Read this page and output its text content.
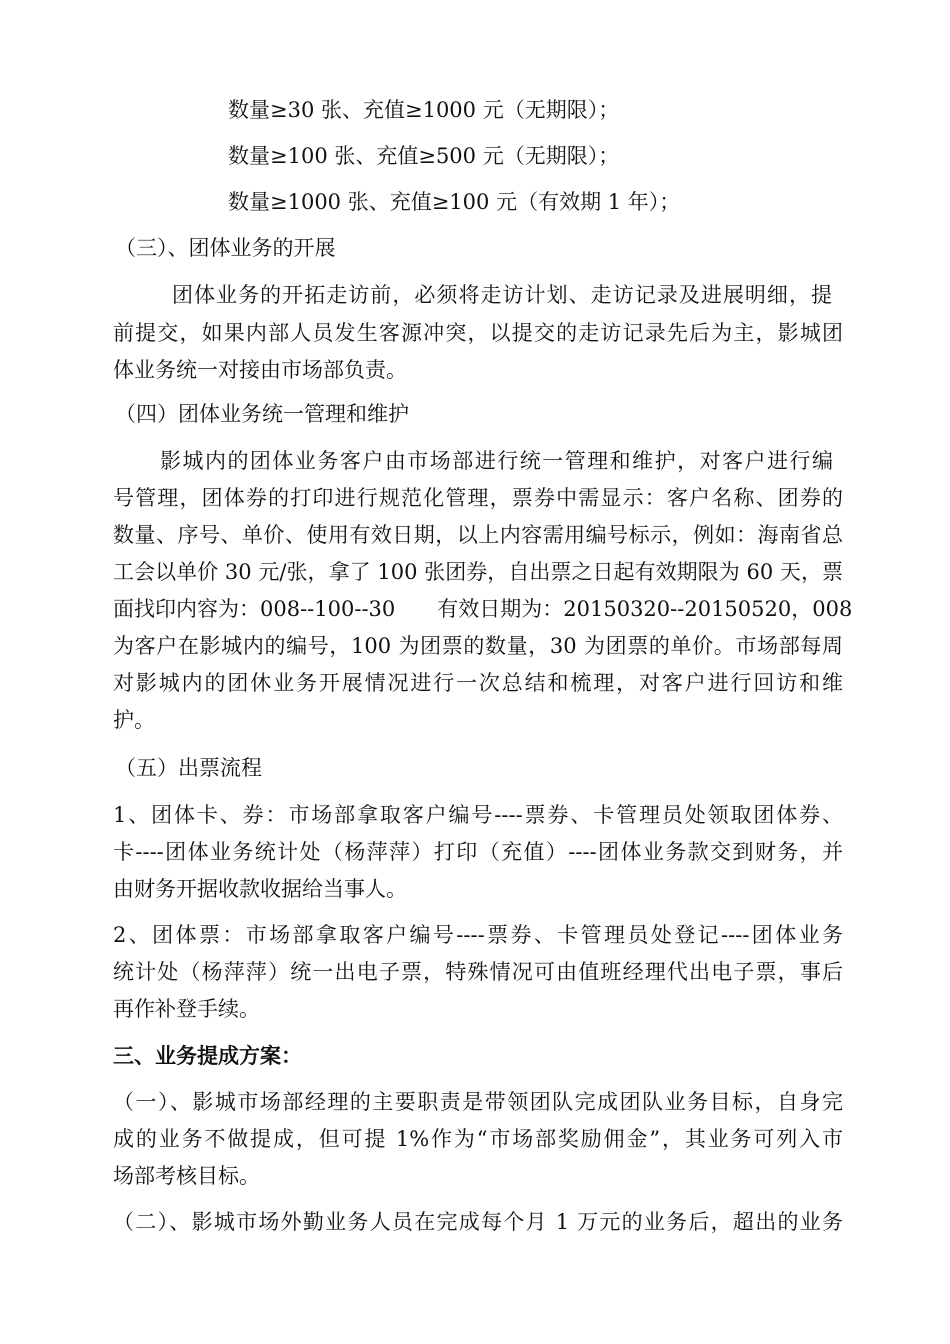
数量≥30 张、充值≥1000 元（无期限）；
数量≥100 张、充值≥500 元（无期限）；
数量≥1000 张、充值≥100 元（有效期 1 年）；
（三）、团体业务的开展
团体业务的开拓走访前，必须将走访计划、走访记录及进展明细，提
前提交，如果内部人员发生客源冲突，以提交的走访记录先后为主，影城团
体业务统一对接由市场部负责。
（四）团体业务统一管理和维护
影城内的团体业务客户由市场部进行统一管理和维护，对客户进行编
号管理，团体券的打印进行规范化管理，票券中需显示：客户名称、团券的
数量、序号、单价、使用有效日期，以上内容需用编号标示，例如：海南省总
工会以单价 30 元/张，拿了 100 张团券，自出票之日起有效期限为 60 天，票
面找印内容为：008--100--30　　有效日期为：20150320--20150520，008
为客户在影城内的编号，100 为团票的数量，30 为团票的单价。市场部每周
对影城内的团休业务开展情况进行一次总结和梳理，对客户进行回访和维
护。
（五）出票流程
1、团体卡、券：市场部拿取客户编号----票券、卡管理员处领取团体券、
卡----团体业务统计处（杨萍萍）打印（充值）----团体业务款交到财务，并
由财务开据收款收据给当事人。
2、团体票：市场部拿取客户编号----票券、卡管理员处登记----团体业务
统计处（杨萍萍）统一出电子票，特殊情况可由值班经理代出电子票，事后
再作补登手续。
三、业务提成方案：
（一）、影城市场部经理的主要职责是带领团队完成团队业务目标，自身完
成的业务不做提成，但可提 1%作为“市场部奖励佣金”，其业务可列入市
场部考核目标。
（二）、影城市场外勤业务人员在完成每个月 1 万元的业务后，超出的业务
